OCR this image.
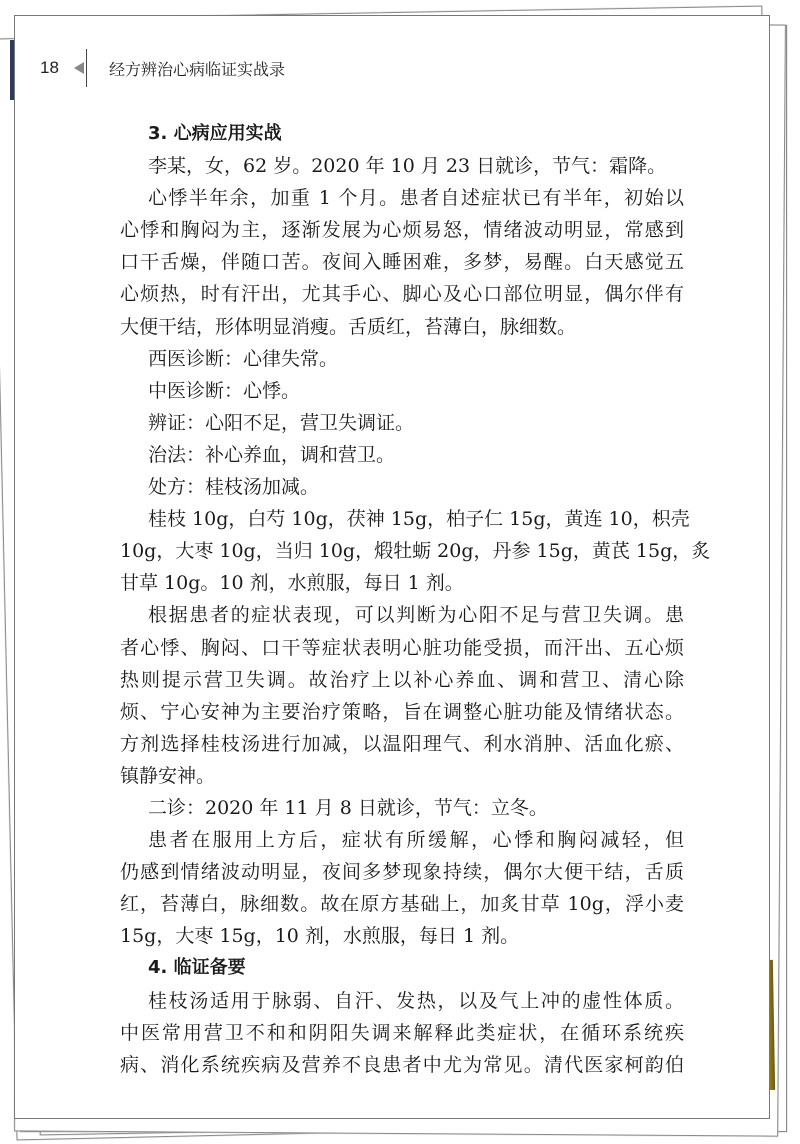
18	经方辨治心病临证实战录
3. 心病应用实战
李某，女，62 岁。2020 年 10 月 23 日就诊，节气：霜降。
心悸半年余，加重 1 个月。患者自述症状已有半年，初始以
心悸和胸闷为主，逐渐发展为心烦易怒，情绪波动明显，常感到
口干舌燥，伴随口苦。夜间入睡困难，多梦，易醒。白天感觉五
心烦热，时有汗出，尤其手心、脚心及心口部位明显，偶尔伴有
大便干结，形体明显消瘦。舌质红，苔薄白，脉细数。
西医诊断：心律失常。
中医诊断：心悸。
辨证：心阳不足，营卫失调证。
治法：补心养血，调和营卫。
处方：桂枝汤加减。
桂枝 10g，白芍 10g，茯神 15g，柏子仁 15g，黄连 10，枳壳
10g，大枣 10g，当归 10g，煅牡蛎 20g，丹参 15g，黄芪 15g，炙
甘草 10g。10 剂，水煎服，每日 1 剂。
根据患者的症状表现，可以判断为心阳不足与营卫失调。患
者心悸、胸闷、口干等症状表明心脏功能受损，而汗出、五心烦
热则提示营卫失调。故治疗上以补心养血、调和营卫、清心除
烦、宁心安神为主要治疗策略，旨在调整心脏功能及情绪状态。
方剂选择桂枝汤进行加减，以温阳理气、利水消肿、活血化瘀、
镇静安神。
二诊：2020 年 11 月 8 日就诊，节气：立冬。
患者在服用上方后，症状有所缓解，心悸和胸闷减轻，但
仍感到情绪波动明显，夜间多梦现象持续，偶尔大便干结，舌质
红，苔薄白，脉细数。故在原方基础上，加炙甘草 10g，浮小麦
15g，大枣 15g，10 剂，水煎服，每日 1 剂。
4. 临证备要
桂枝汤适用于脉弱、自汗、发热，以及气上冲的虚性体质。
中医常用营卫不和和阴阳失调来解释此类症状，在循环系统疾
病、消化系统疾病及营养不良患者中尤为常见。清代医家柯韵伯
